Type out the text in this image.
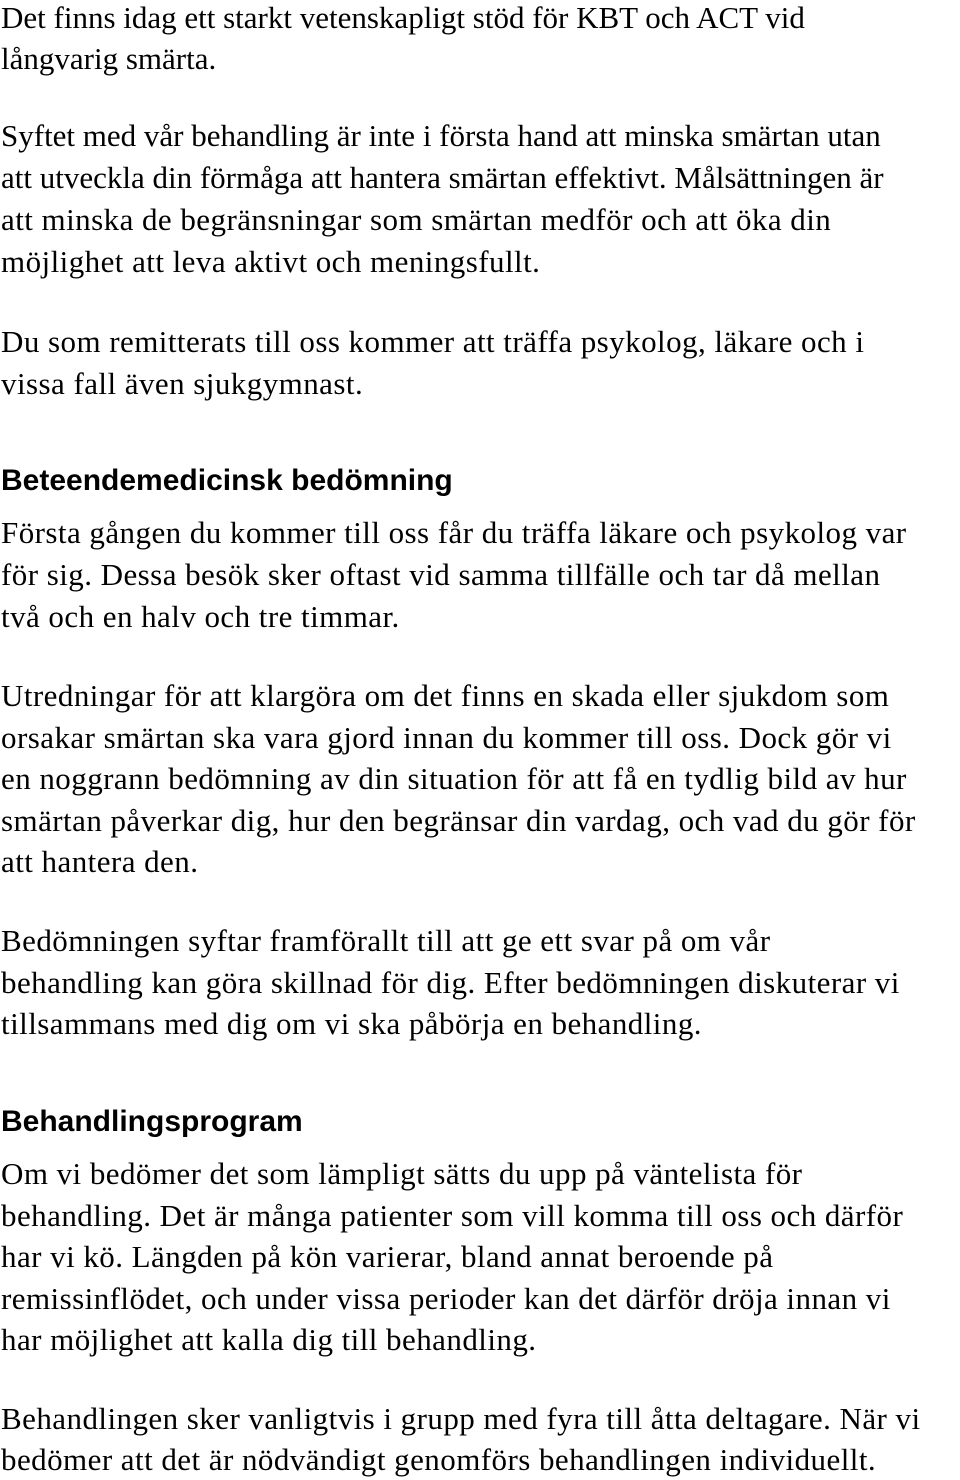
Det finns idag ett starkt vetenskapligt stöd för KBT och ACT vid
långvarig smärta.
Syftet med vår behandling är inte i första hand att minska smärtan utan
att utveckla din förmåga att hantera smärtan effektivt. Målsättningen är
att minska de begränsningar som smärtan medför och att öka din
möjlighet att leva aktivt och meningsfullt.
Du som remitterats till oss kommer att träffa psykolog, läkare och i
vissa fall även sjukgymnast.
Beteendemedicinsk bedömning
Första gången du kommer till oss får du träffa läkare och psykolog var
för sig. Dessa besök sker oftast vid samma tillfälle och tar då mellan
två och en halv och tre timmar.
Utredningar för att klargöra om det finns en skada eller sjukdom som
orsakar smärtan ska vara gjord innan du kommer till oss. Dock gör vi
en noggrann bedömning av din situation för att få en tydlig bild av hur
smärtan påverkar dig, hur den begränsar din vardag, och vad du gör för
att hantera den.
Bedömningen syftar framförallt till att ge ett svar på om vår
behandling kan göra skillnad för dig. Efter bedömningen diskuterar vi
tillsammans med dig om vi ska påbörja en behandling.
Behandlingsprogram
Om vi bedömer det som lämpligt sätts du upp på väntelista för
behandling. Det är många patienter som vill komma till oss och därför
har vi kö. Längden på kön varierar, bland annat beroende på
remissinflödet, och under vissa perioder kan det därför dröja innan vi
har möjlighet att kalla dig till behandling.
Behandlingen sker vanligtvis i grupp med fyra till åtta deltagare. När vi
bedömer att det är nödvändigt genomförs behandlingen individuellt.
